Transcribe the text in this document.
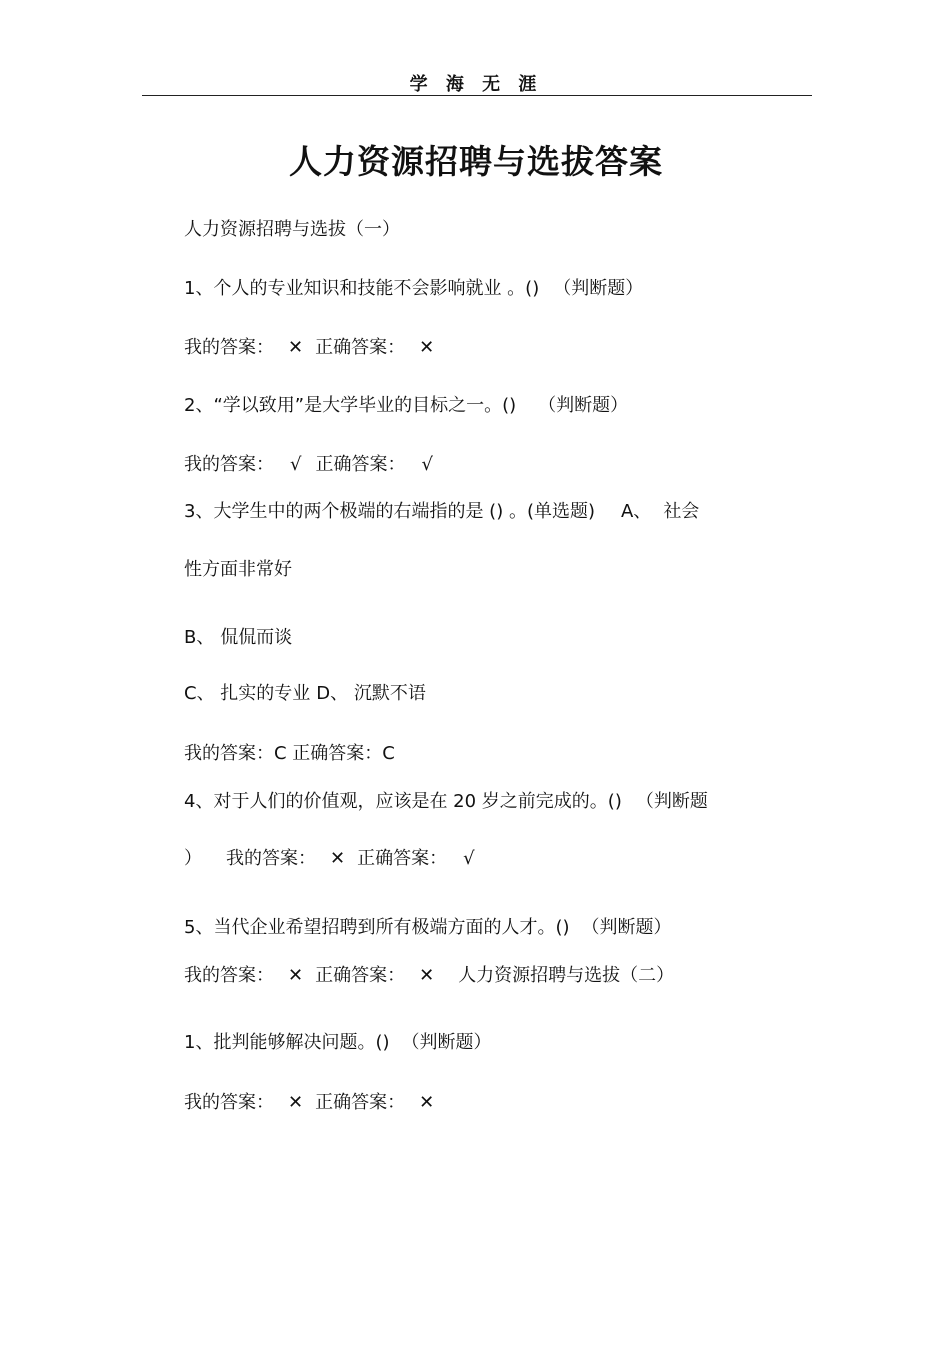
学 海 无 涯
人力资源招聘与选拔答案
人力资源招聘与选拔（一）
1、个人的专业知识和技能不会影响就业 。() （判断题）
我的答案： ✕ 正确答案： ✕
2、“学以致用”是大学毕业的目标之一。() （判断题）
我的答案： √ 正确答案： √
3、大学生中的两个极端的右端指的是 () 。(单选题) A、 社会
性方面非常好
B、 侃侃而谈
C、 扎实的专业 D、 沉默不语
我的答案：C 正确答案：C
4、对于人们的价值观，应该是在 20 岁之前完成的。() （判断题
） 我的答案： ✕ 正确答案： √
5、当代企业希望招聘到所有极端方面的人才。() （判断题）
我的答案： ✕ 正确答案： ✕ 人力资源招聘与选拔（二）
1、批判能够解决问题。() （判断题）
我的答案： ✕ 正确答案： ✕
